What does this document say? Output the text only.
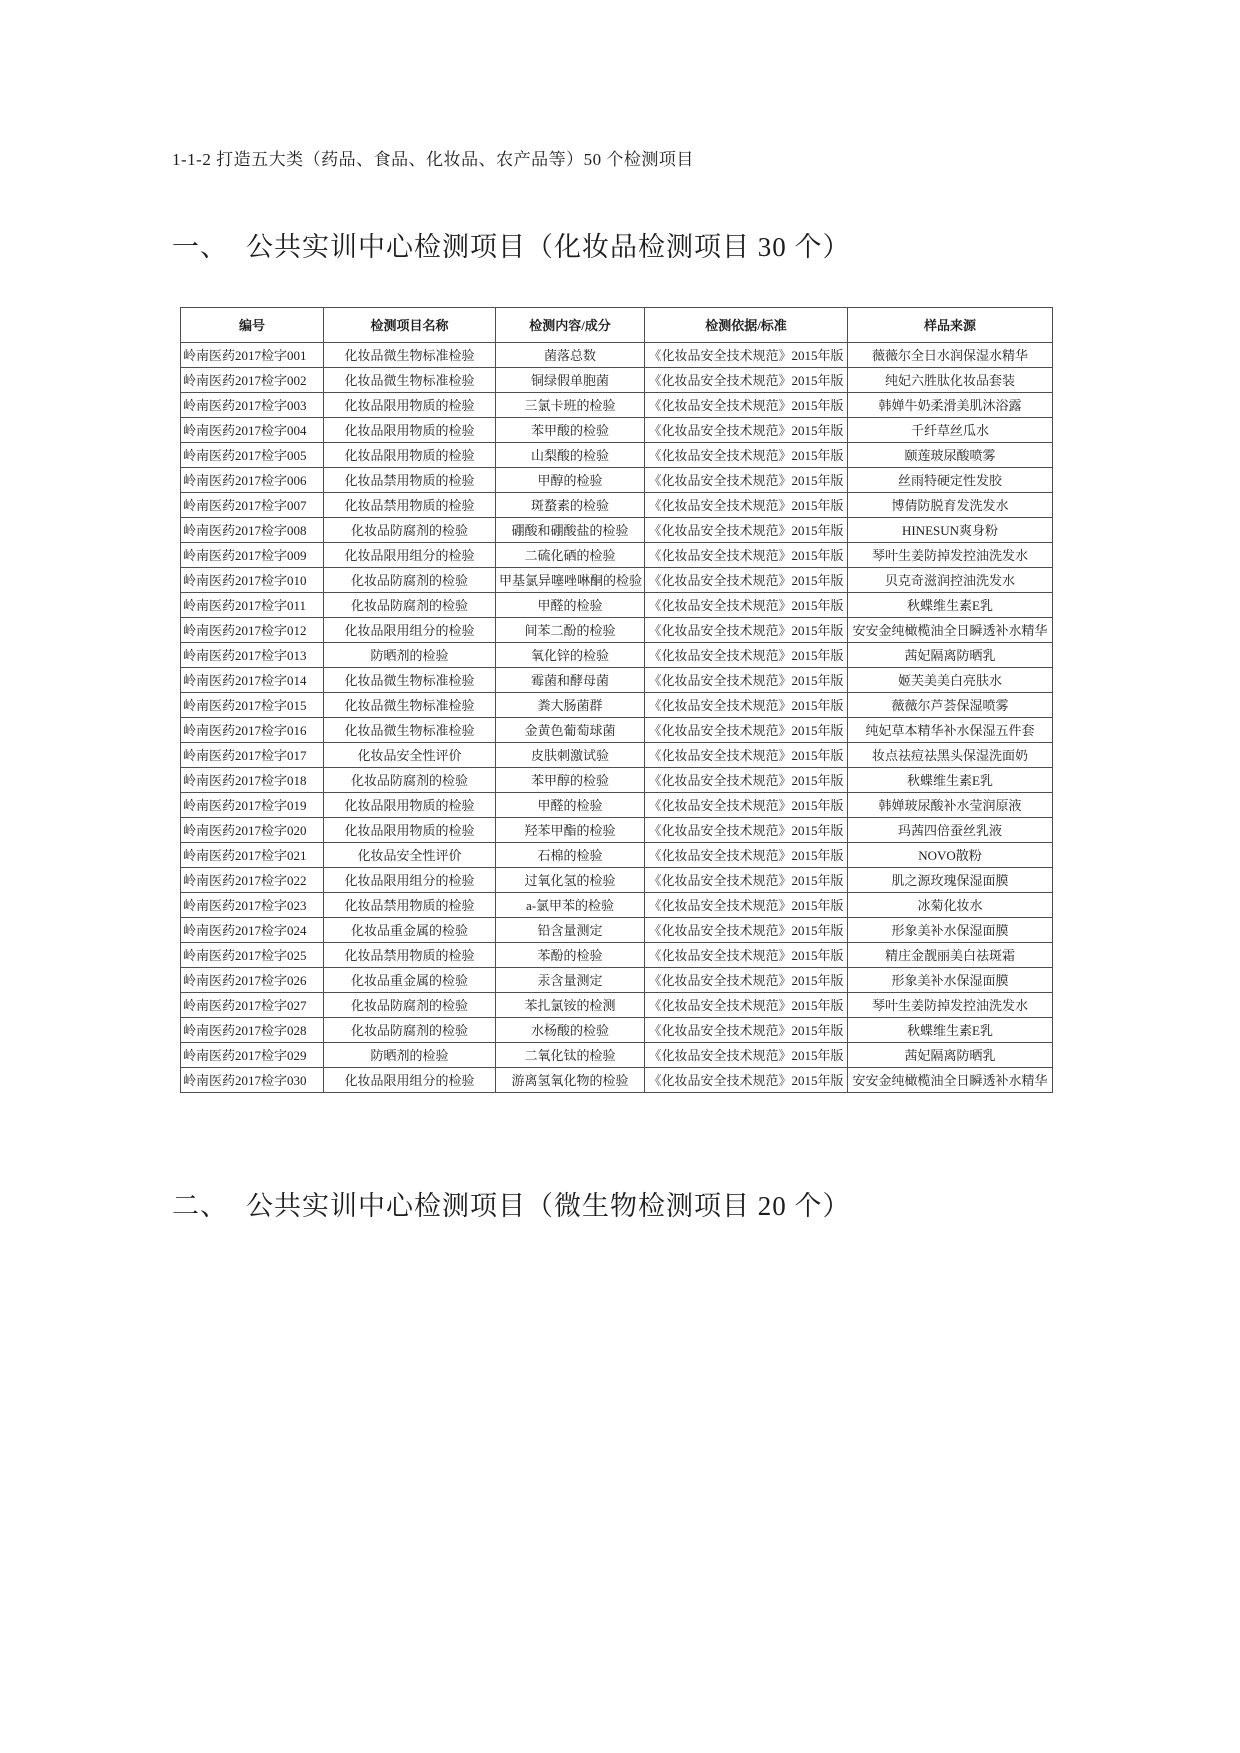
1-1-2 打造五大类（药品、食品、化妆品、农产品等）50 个检测项目

一、 公共实训中心检测项目（化妆品检测项目 30 个）
编号	检测项目名称	检测内容/成分	检测依据/标准	样品来源
岭南医药2017检字001	化妆品微生物标准检验	菌落总数	《化妆品安全技术规范》2015年版	薇薇尔全日水润保湿水精华
岭南医药2017检字002	化妆品微生物标准检验	铜绿假单胞菌	《化妆品安全技术规范》2015年版	纯妃六胜肽化妆品套装
岭南医药2017检字003	化妆品限用物质的检验	三氯卡班的检验	《化妆品安全技术规范》2015年版	韩婵牛奶柔滑美肌沐浴露
岭南医药2017检字004	化妆品限用物质的检验	苯甲酸的检验	《化妆品安全技术规范》2015年版	千纤草丝瓜水
岭南医药2017检字005	化妆品限用物质的检验	山梨酸的检验	《化妆品安全技术规范》2015年版	颐莲玻尿酸喷雾
岭南医药2017检字006	化妆品禁用物质的检验	甲醇的检验	《化妆品安全技术规范》2015年版	丝雨特硬定性发胶
岭南医药2017检字007	化妆品禁用物质的检验	斑蝥素的检验	《化妆品安全技术规范》2015年版	博倩防脱育发洗发水
岭南医药2017检字008	化妆品防腐剂的检验	硼酸和硼酸盐的检验	《化妆品安全技术规范》2015年版	HINESUN爽身粉
岭南医药2017检字009	化妆品限用组分的检验	二硫化硒的检验	《化妆品安全技术规范》2015年版	琴叶生姜防掉发控油洗发水
岭南医药2017检字010	化妆品防腐剂的检验	甲基氯异噻唑啉酮的检验	《化妆品安全技术规范》2015年版	贝克奇滋润控油洗发水
岭南医药2017检字011	化妆品防腐剂的检验	甲醛的检验	《化妆品安全技术规范》2015年版	秋蝶维生素E乳
岭南医药2017检字012	化妆品限用组分的检验	间苯二酚的检验	《化妆品安全技术规范》2015年版	安安金纯橄榄油全日瞬透补水精华
岭南医药2017检字013	防晒剂的检验	氧化锌的检验	《化妆品安全技术规范》2015年版	茜妃隔离防晒乳
岭南医药2017检字014	化妆品微生物标准检验	霉菌和酵母菌	《化妆品安全技术规范》2015年版	姬芙美美白亮肤水
岭南医药2017检字015	化妆品微生物标准检验	粪大肠菌群	《化妆品安全技术规范》2015年版	薇薇尔芦荟保湿喷雾
岭南医药2017检字016	化妆品微生物标准检验	金黄色葡萄球菌	《化妆品安全技术规范》2015年版	纯妃草本精华补水保湿五件套
岭南医药2017检字017	化妆品安全性评价	皮肤刺激试验	《化妆品安全技术规范》2015年版	妆点祛痘祛黑头保湿洗面奶
岭南医药2017检字018	化妆品防腐剂的检验	苯甲醇的检验	《化妆品安全技术规范》2015年版	秋蝶维生素E乳
岭南医药2017检字019	化妆品限用物质的检验	甲醛的检验	《化妆品安全技术规范》2015年版	韩婵玻尿酸补水莹润原液
岭南医药2017检字020	化妆品限用物质的检验	羟苯甲酯的检验	《化妆品安全技术规范》2015年版	玛茜四倍蚕丝乳液
岭南医药2017检字021	化妆品安全性评价	石棉的检验	《化妆品安全技术规范》2015年版	NOVO散粉
岭南医药2017检字022	化妆品限用组分的检验	过氧化氢的检验	《化妆品安全技术规范》2015年版	肌之源玫瑰保湿面膜
岭南医药2017检字023	化妆品禁用物质的检验	a-氯甲苯的检验	《化妆品安全技术规范》2015年版	冰菊化妆水
岭南医药2017检字024	化妆品重金属的检验	铅含量测定	《化妆品安全技术规范》2015年版	形象美补水保湿面膜
岭南医药2017检字025	化妆品禁用物质的检验	苯酚的检验	《化妆品安全技术规范》2015年版	精庄金靓丽美白祛斑霜
岭南医药2017检字026	化妆品重金属的检验	汞含量测定	《化妆品安全技术规范》2015年版	形象美补水保湿面膜
岭南医药2017检字027	化妆品防腐剂的检验	苯扎氯铵的检测	《化妆品安全技术规范》2015年版	琴叶生姜防掉发控油洗发水
岭南医药2017检字028	化妆品防腐剂的检验	水杨酸的检验	《化妆品安全技术规范》2015年版	秋蝶维生素E乳
岭南医药2017检字029	防晒剂的检验	二氧化钛的检验	《化妆品安全技术规范》2015年版	茜妃隔离防晒乳
岭南医药2017检字030	化妆品限用组分的检验	游离氢氧化物的检验	《化妆品安全技术规范》2015年版	安安金纯橄榄油全日瞬透补水精华
二、 公共实训中心检测项目（微生物检测项目 20 个）
